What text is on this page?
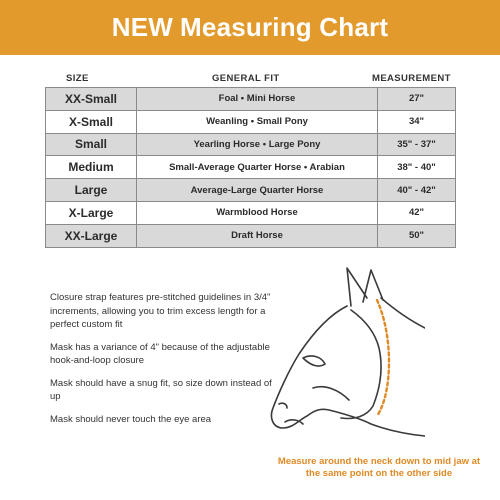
NEW Measuring Chart
SIZE	GENERAL FIT	MEASUREMENT
XX-Small	Foal • Mini Horse	27"
X-Small	Weanling • Small Pony	34"
Small	Yearling Horse • Large Pony	35" - 37"
Medium	Small-Average Quarter Horse • Arabian	38" - 40"
Large	Average-Large Quarter Horse	40" - 42"
X-Large	Warmblood Horse	42"
XX-Large	Draft Horse	50"

Closure strap features pre-stitched guidelines in 3/4" increments, allowing you to trim excess length for a perfect custom fit

Mask has a variance of 4" because of the adjustable hook-and-loop closure

Mask should have a snug fit, so size down instead of up

Mask should never touch the eye area

Measure around the neck down to mid jaw at the same point on the other side
